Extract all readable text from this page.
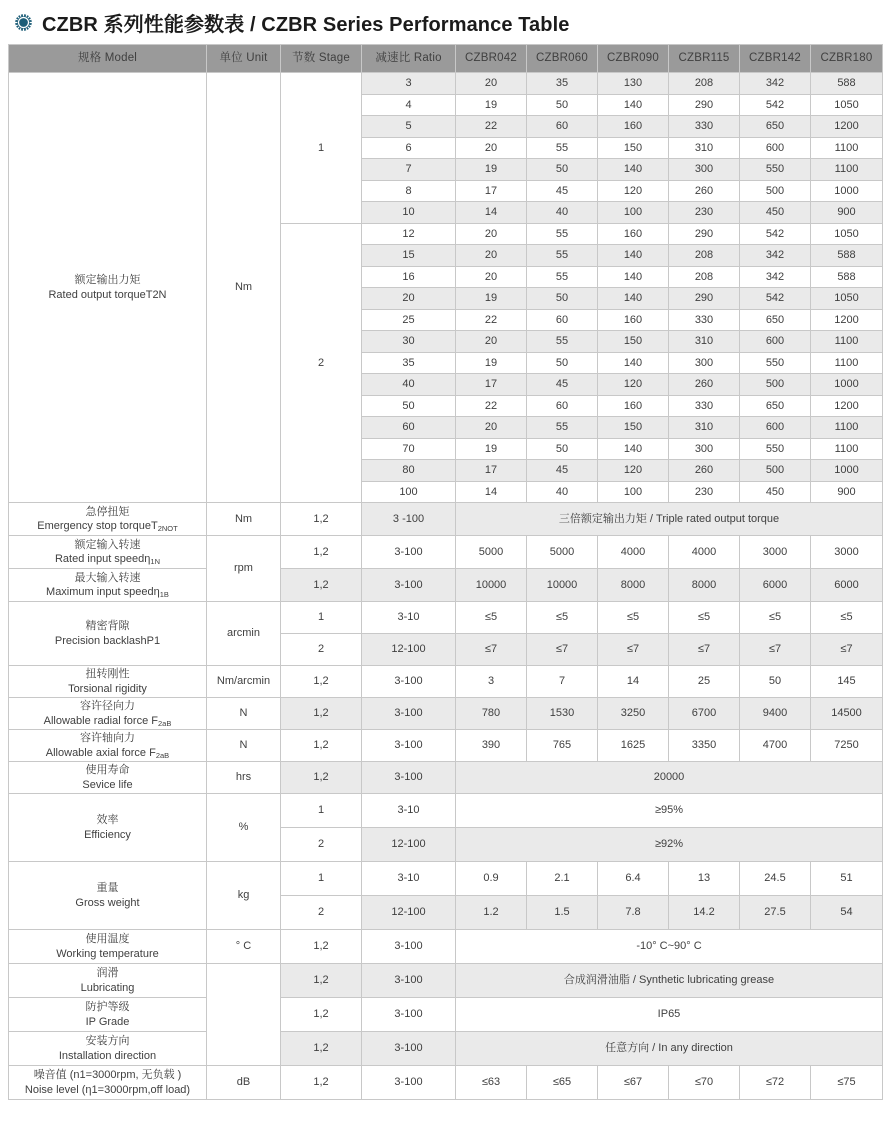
CZBR 系列性能参数表 / CZBR Series Performance Table
规格 Model	单位 Unit	节数 Stage	减速比 Ratio	CZBR042	CZBR060	CZBR090	CZBR115	CZBR142	CZBR180

额定输出力矩
Rated output torqueT2N	Nm	1	3	20	35	130	208	342	588
			4	19	50	140	290	542	1050
			5	22	60	160	330	650	1200
			6	20	55	150	310	600	1100
			7	19	50	140	300	550	1100
			8	17	45	120	260	500	1000
			10	14	40	100	230	450	900
		2	12	20	55	160	290	542	1050
			15	20	55	140	208	342	588
			16	20	55	140	208	342	588
			20	19	50	140	290	542	1050
			25	22	60	160	330	650	1200
			30	20	55	150	310	600	1100
			35	19	50	140	300	550	1100
			40	17	45	120	260	500	1000
			50	22	60	160	330	650	1200
			60	20	55	150	310	600	1100
			70	19	50	140	300	550	1100
			80	17	45	120	260	500	1000
			100	14	40	100	230	450	900

急停扭矩
Emergency stop torqueT$_{2NOT}$	Nm	1,2	3 -100	三倍额定输出力矩 / Triple rated output torque					

额定输入转速
Rated input speedη$_{1N}$	rpm	1,2	3-100	5000	5000	4000	4000	3000	3000

最大输入转速
Maximum input speedη$_{1B}$		1,2	3-100	10000	10000	8000	8000	6000	6000

精密背隙
Precision backlashP1	arcmin	1	3-10	≤5	≤5	≤5	≤5	≤5	≤5
		2	12-100	≤7	≤7	≤7	≤7	≤7	≤7

扭转刚性
Torsional rigidity	Nm/arcmin	1,2	3-100	3	7	14	25	50	145

容许径向力
Allowable radial force $F_{2aB}$	N	1,2	3-100	780	1530	3250	6700	9400	14500

容许轴向力
Allowable axial force $F_{2aB}$	N	1,2	3-100	390	765	1625	3350	4700	7250

使用寿命
Sevice life	hrs	1,2	3-100	20000					

效率
Efficiency	%	1	3-10	≥95%					
		2	12-100	≥92%					

重量
Gross weight	kg	1	3-10	0.9	2.1	6.4	13	24.5	51
		2	12-100	1.2	1.5	7.8	14.2	27.5	54

使用温度
Working temperature	° C	1,2	3-100	-10° C~90° C					

润滑
Lubricating		1,2	3-100	合成润滑油脂 / Synthetic lubricating grease					

防护等级
IP Grade		1,2	3-100	IP65					

安装方向
Installation direction		1,2	3-100	任意方向 / In any direction					

噪音值 (n1=3000rpm, 无负载 )
Noise level (η1=3000rpm,off load)	dB	1,2	3-100	≤63	≤65	≤67	≤70	≤72	≤75
